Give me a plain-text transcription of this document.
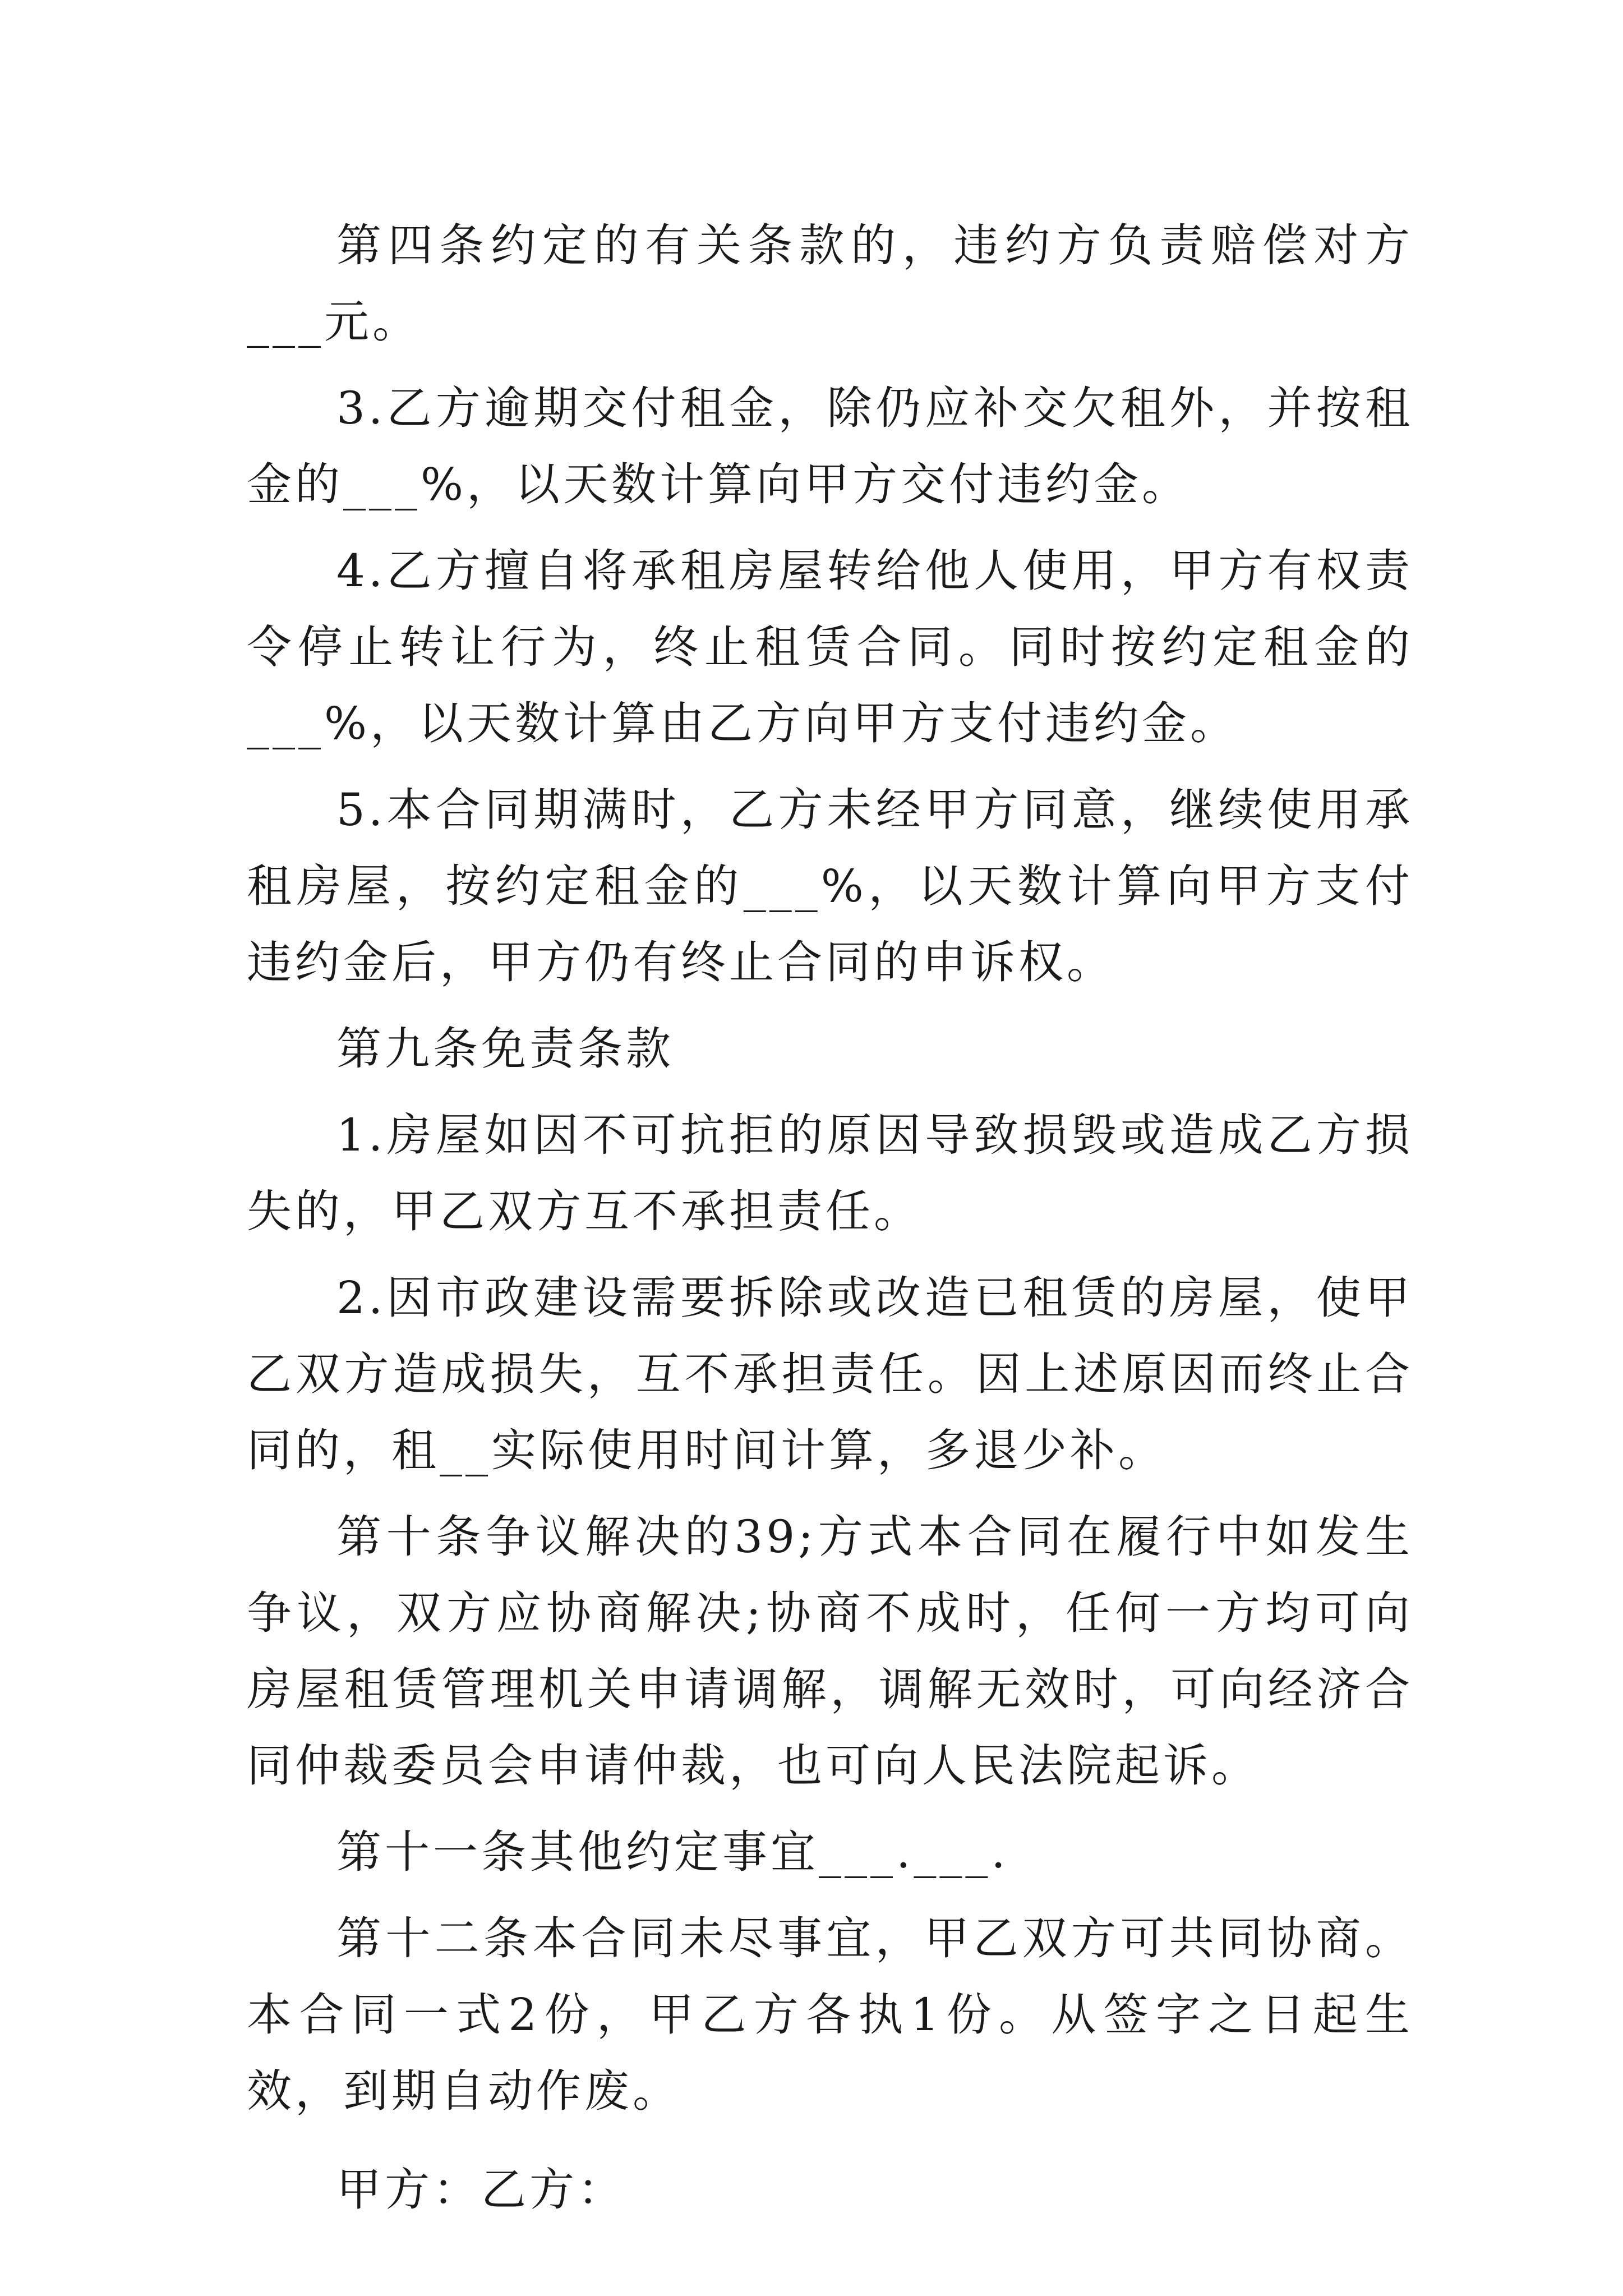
第四条约定的有关条款的，违约方负责赔偿对方___元。

3.乙方逾期交付租金，除仍应补交欠租外，并按租金的___%，以天数计算向甲方交付违约金。

4.乙方擅自将承租房屋转给他人使用，甲方有权责令停止转让行为，终止租赁合同。同时按约定租金的___%，以天数计算由乙方向甲方支付违约金。

5.本合同期满时，乙方未经甲方同意，继续使用承租房屋，按约定租金的___%，以天数计算向甲方支付违约金后，甲方仍有终止合同的申诉权。

第九条免责条款

1.房屋如因不可抗拒的原因导致损毁或造成乙方损失的，甲乙双方互不承担责任。

2.因市政建设需要拆除或改造已租赁的房屋，使甲乙双方造成损失，互不承担责任。因上述原因而终止合同的，租__实际使用时间计算，多退少补。

第十条争议解决的39;方式本合同在履行中如发生争议，双方应协商解决;协商不成时，任何一方均可向房屋租赁管理机关申请调解，调解无效时，可向经济合同仲裁委员会申请仲裁，也可向人民法院起诉。

第十一条其他约定事宜___.___.

第十二条本合同未尽事宜，甲乙双方可共同协商。本合同一式2份，甲乙方各执1份。从签字之日起生效，到期自动作废。

甲方：乙方：
